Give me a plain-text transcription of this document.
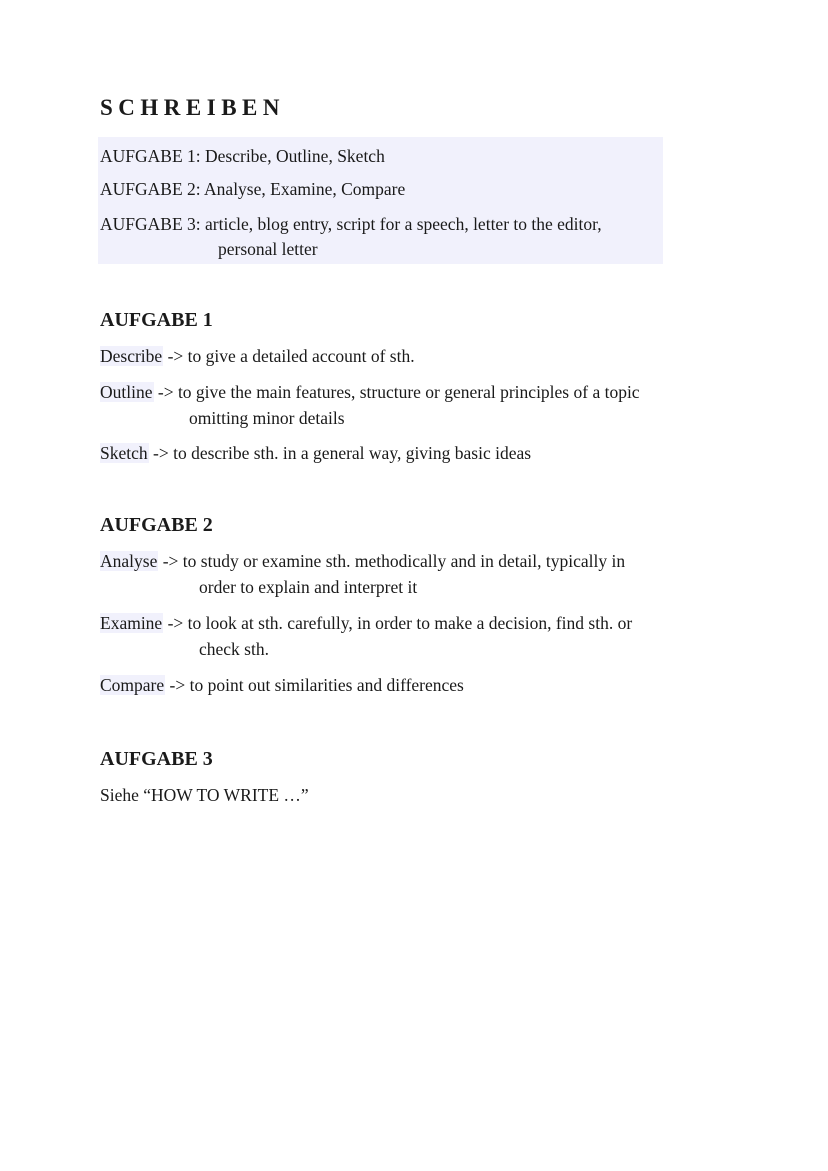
SCHREIBEN
AUFGABE 1: Describe, Outline, Sketch
AUFGABE 2: Analyse, Examine, Compare
AUFGABE 3: article, blog entry, script for a speech, letter to the editor,
personal letter
AUFGABE 1
Describe -> to give a detailed account of sth.
Outline -> to give the main features, structure or general principles of a topic
omitting minor details
Sketch -> to describe sth. in a general way, giving basic ideas
AUFGABE 2
Analyse -> to study or examine sth. methodically and in detail, typically in
order to explain and interpret it
Examine -> to look at sth. carefully, in order to make a decision, find sth. or
check sth.
Compare -> to point out similarities and differences
AUFGABE 3
Siehe “HOW TO WRITE …”
